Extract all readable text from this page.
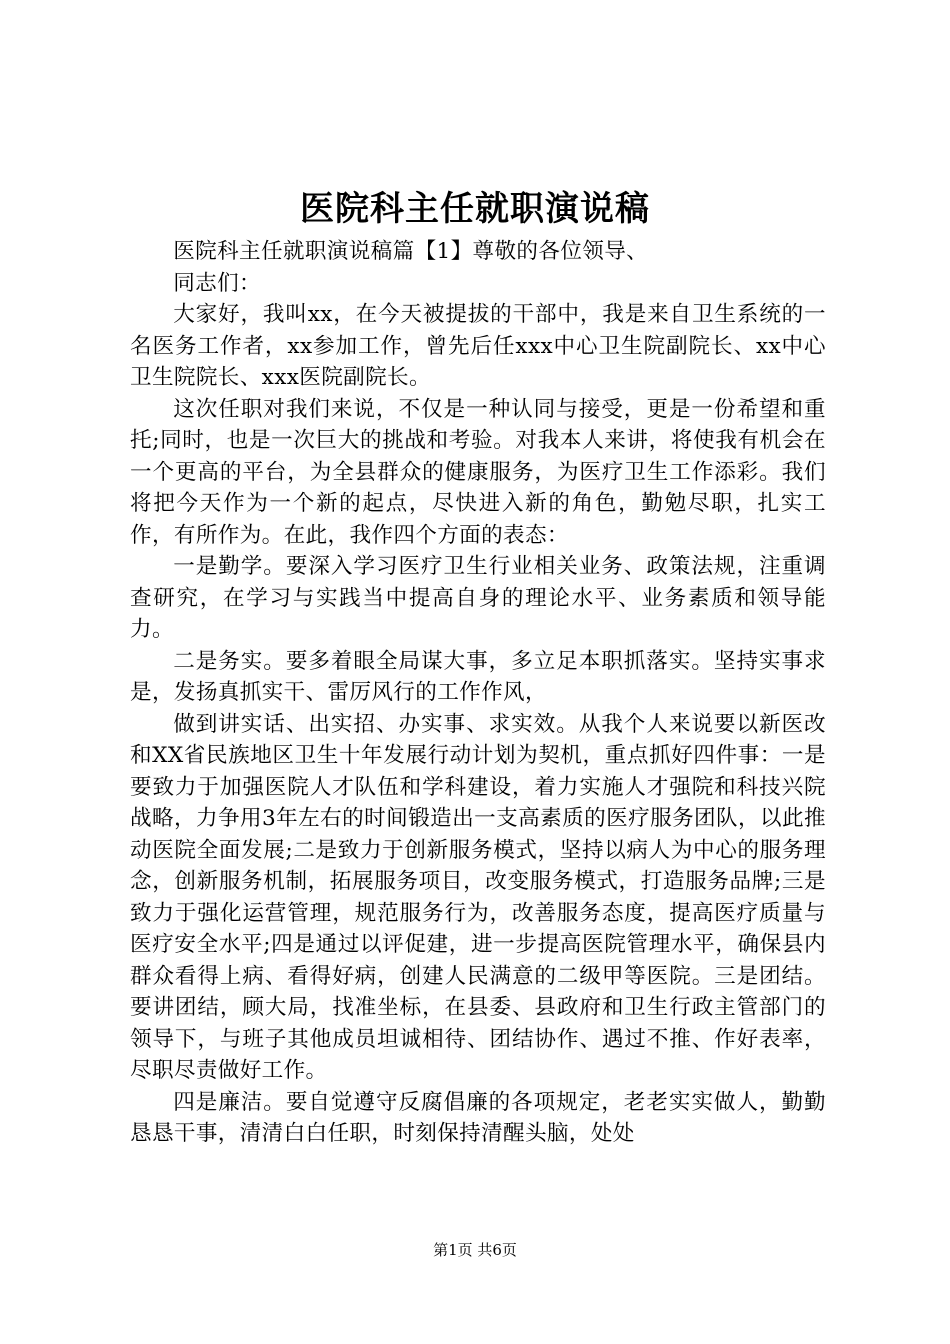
医院科主任就职演说稿

医院科主任就职演说稿篇【1】尊敬的各位领导、

同志们：

大家好，我叫xx，在今天被提拔的干部中，我是来自卫生系统的一名医务工作者，xx参加工作，曾先后任xxx中心卫生院副院长、xx中心卫生院院长、xxx医院副院长。

这次任职对我们来说，不仅是一种认同与接受，更是一份希望和重托;同时，也是一次巨大的挑战和考验。对我本人来讲，将使我有机会在一个更高的平台，为全县群众的健康服务，为医疗卫生工作添彩。我们将把今天作为一个新的起点，尽快进入新的角色，勤勉尽职，扎实工作，有所作为。在此，我作四个方面的表态：

一是勤学。要深入学习医疗卫生行业相关业务、政策法规，注重调查研究，在学习与实践当中提高自身的理论水平、业务素质和领导能力。

二是务实。要多着眼全局谋大事，多立足本职抓落实。坚持实事求是，发扬真抓实干、雷厉风行的工作作风，

做到讲实话、出实招、办实事、求实效。从我个人来说要以新医改和XX省民族地区卫生十年发展行动计划为契机，重点抓好四件事：一是要致力于加强医院人才队伍和学科建设，着力实施人才强院和科技兴院战略，力争用3年左右的时间锻造出一支高素质的医疗服务团队，以此推动医院全面发展;二是致力于创新服务模式，坚持以病人为中心的服务理念，创新服务机制，拓展服务项目，改变服务模式，打造服务品牌;三是致力于强化运营管理，规范服务行为，改善服务态度，提高医疗质量与医疗安全水平;四是通过以评促建，进一步提高医院管理水平，确保县内群众看得上病、看得好病，创建人民满意的二级甲等医院。三是团结。要讲团结，顾大局，找准坐标，在县委、县政府和卫生行政主管部门的领导下，与班子其他成员坦诚相待、团结协作、遇过不推、作好表率，尽职尽责做好工作。

四是廉洁。要自觉遵守反腐倡廉的各项规定，老老实实做人，勤勤恳恳干事，清清白白任职，时刻保持清醒头脑，处处

第1页 共6页
